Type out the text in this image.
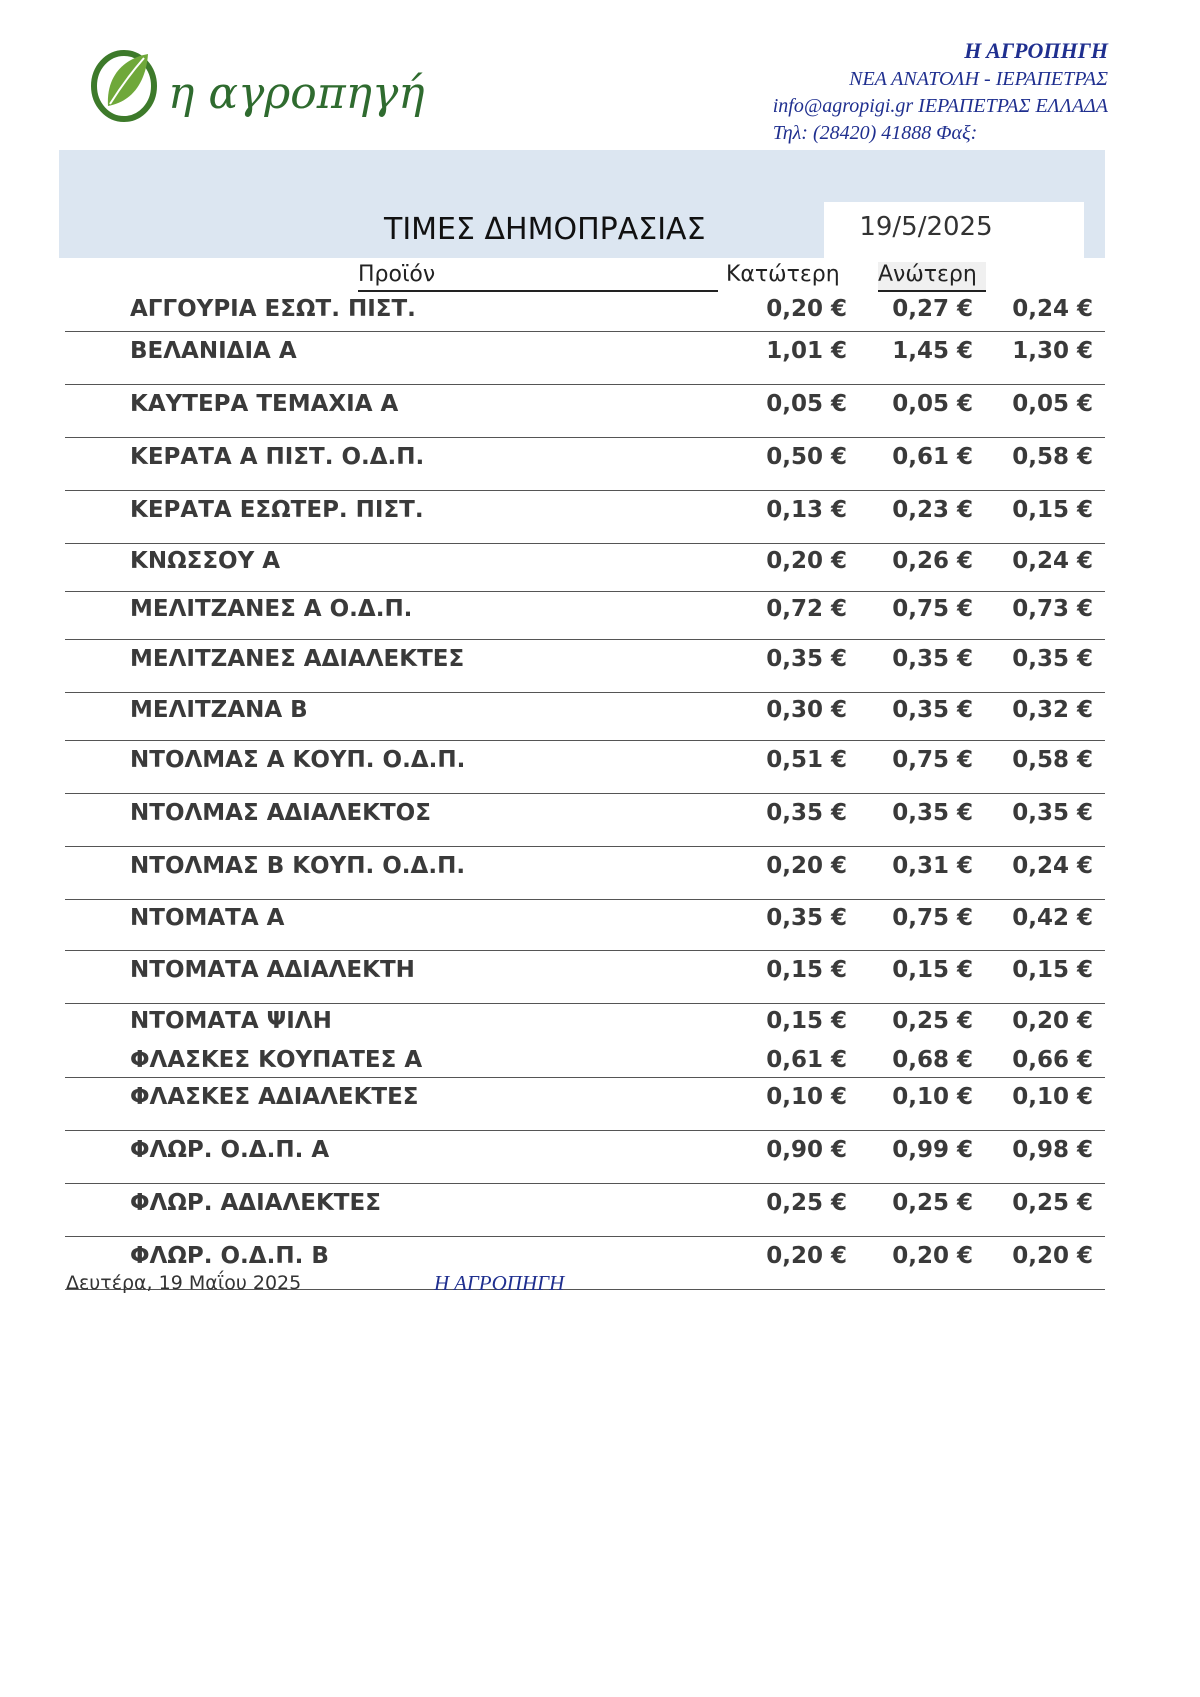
η αγροπηγή
Η ΑΓΡΟΠΗΓΗ
ΝΕΑ ΑΝΑΤΟΛΗ - ΙΕΡΑΠΕΤΡΑΣ
info@agropigi.gr ΙΕΡΑΠΕΤΡΑΣ ΕΛΛΑΔΑ
Τηλ: (28420) 41888 Φαξ:
ΤΙΜΕΣ ΔΗΜΟΠΡΑΣΙΑΣ	19/5/2025
Προϊόν	Κατώτερη Ανώτερη
ΑΓΓΟΥΡΙΑ ΕΣΩΤ. ΠΙΣΤ.	0,20 € 0,27 € 0,24 €
ΒΕΛΑΝΙΔΙΑ Α	1,01 € 1,45 € 1,30 €
ΚΑΥΤΕΡΑ ΤΕΜΑΧΙΑ Α	0,05 € 0,05 € 0,05 €
ΚΕΡΑΤΑ Α ΠΙΣΤ. Ο.Δ.Π.	0,50 € 0,61 € 0,58 €
ΚΕΡΑΤΑ ΕΣΩΤΕΡ. ΠΙΣΤ.	0,13 € 0,23 € 0,15 €
ΚΝΩΣΣΟΥ Α	0,20 € 0,26 € 0,24 €
ΜΕΛΙΤΖΑΝΕΣ Α Ο.Δ.Π.	0,72 € 0,75 € 0,73 €
ΜΕΛΙΤΖΑΝΕΣ ΑΔΙΑΛΕΚΤΕΣ	0,35 € 0,35 € 0,35 €
ΜΕΛΙΤΖΑΝΑ Β	0,30 € 0,35 € 0,32 €
ΝΤΟΛΜΑΣ Α ΚΟΥΠ. Ο.Δ.Π.	0,51 € 0,75 € 0,58 €
ΝΤΟΛΜΑΣ ΑΔΙΑΛΕΚΤΟΣ	0,35 € 0,35 € 0,35 €
ΝΤΟΛΜΑΣ Β ΚΟΥΠ. Ο.Δ.Π.	0,20 € 0,31 € 0,24 €
ΝΤΟΜΑΤΑ Α	0,35 € 0,75 € 0,42 €
ΝΤΟΜΑΤΑ ΑΔΙΑΛΕΚΤΗ	0,15 € 0,15 € 0,15 €
ΝΤΟΜΑΤΑ ΨΙΛΗ	0,15 € 0,25 € 0,20 €
ΦΛΑΣΚΕΣ ΚΟΥΠΑΤΕΣ Α	0,61 € 0,68 € 0,66 €
ΦΛΑΣΚΕΣ ΑΔΙΑΛΕΚΤΕΣ	0,10 € 0,10 € 0,10 €
ΦΛΩΡ. Ο.Δ.Π. Α	0,90 € 0,99 € 0,98 €
ΦΛΩΡ. ΑΔΙΑΛΕΚΤΕΣ	0,25 € 0,25 € 0,25 €
ΦΛΩΡ. Ο.Δ.Π. Β	0,20 € 0,20 € 0,20 €
Δευτέρα, 19 Μαΐου 2025	Η ΑΓΡΟΠΗΓΗ
